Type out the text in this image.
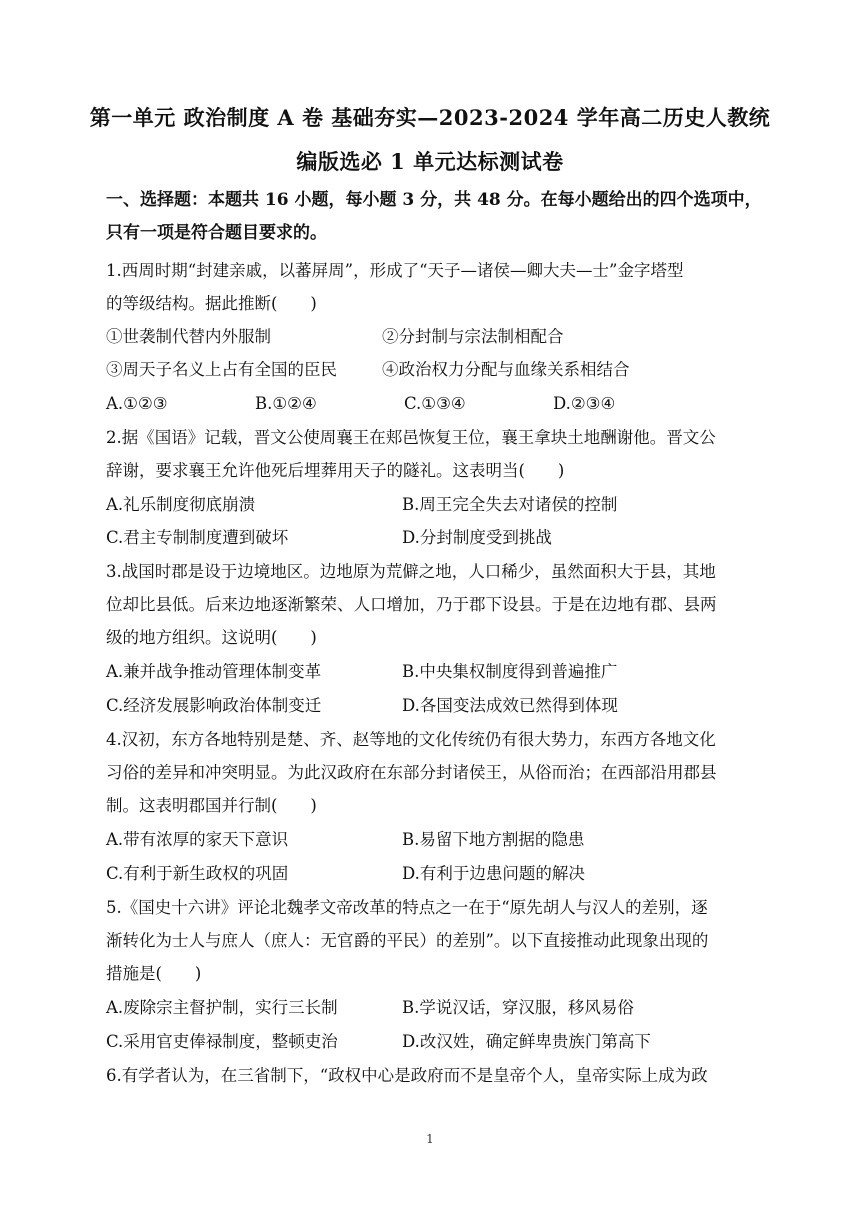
第一单元 政治制度 A 卷 基础夯实—2023-2024 学年高二历史人教统
编版选必 1 单元达标测试卷
一、选择题：本题共 16 小题，每小题 3 分，共 48 分。在每小题给出的四个选项中，
只有一项是符合题目要求的。
1.西周时期“封建亲戚，以蕃屏周”，形成了“天子—诸侯—卿大夫—士”金字塔型
的等级结构。据此推断(　　)
①世袭制代替内外服制	②分封制与宗法制相配合
③周天子名义上占有全国的臣民	④政治权力分配与血缘关系相结合
A.①②③	B.①②④	C.①③④	D.②③④
2.据《国语》记载，晋文公使周襄王在郏邑恢复王位，襄王拿块土地酬谢他。晋文公
辞谢，要求襄王允许他死后埋葬用天子的隧礼。这表明当(　　)
A.礼乐制度彻底崩溃	B.周王完全失去对诸侯的控制
C.君主专制制度遭到破坏	D.分封制度受到挑战
3.战国时郡是设于边境地区。边地原为荒僻之地，人口稀少，虽然面积大于县，其地
位却比县低。后来边地逐渐繁荣、人口增加，乃于郡下设县。于是在边地有郡、县两
级的地方组织。这说明(　　)
A.兼并战争推动管理体制变革	B.中央集权制度得到普遍推广
C.经济发展影响政治体制变迁	D.各国变法成效已然得到体现
4.汉初，东方各地特别是楚、齐、赵等地的文化传统仍有很大势力，东西方各地文化
习俗的差异和冲突明显。为此汉政府在东部分封诸侯王，从俗而治；在西部沿用郡县
制。这表明郡国并行制(　　)
A.带有浓厚的家天下意识	B.易留下地方割据的隐患
C.有利于新生政权的巩固	D.有利于边患问题的解决
5.《国史十六讲》评论北魏孝文帝改革的特点之一在于“原先胡人与汉人的差别，逐
渐转化为士人与庶人（庶人：无官爵的平民）的差别”。以下直接推动此现象出现的
措施是(　　)
A.废除宗主督护制，实行三长制	B.学说汉话，穿汉服，移风易俗
C.采用官吏俸禄制度，整顿吏治	D.改汉姓，确定鲜卑贵族门第高下
6.有学者认为，在三省制下，“政权中心是政府而不是皇帝个人，皇帝实际上成为政
1
